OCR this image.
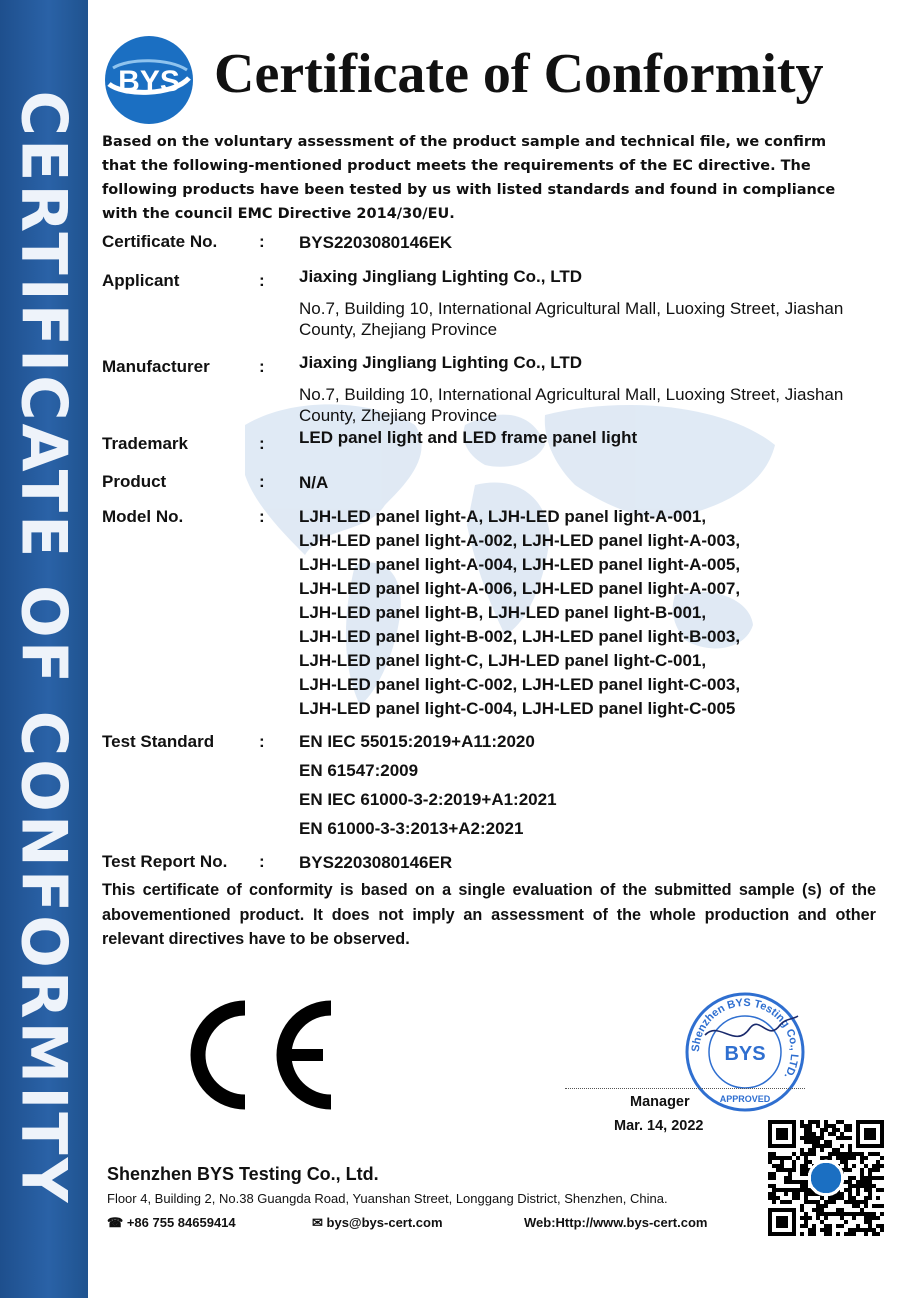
CERTIFICATE OF CONFORMITY
BYS Certificate of Conformity
Based on the voluntary assessment of the product sample and technical file, we confirm that the following-mentioned product meets the requirements of the EC directive. The following products have been tested by us with listed standards and found in compliance with the council EMC Directive 2014/30/EU.
Certificate No. : BYS2203080146EK
Applicant	: Jiaxing Jingliang Lighting Co., LTD
No.7, Building 10, International Agricultural Mall, Luoxing Street, Jiashan County, Zhejiang Province
Manufacturer	: Jiaxing Jingliang Lighting Co., LTD
No.7, Building 10, International Agricultural Mall, Luoxing Street, Jiashan County, Zhejiang Province
Trademark	: LED panel light and LED frame panel light
Product	: N/A
Model No.	: LJH-LED panel light-A, LJH-LED panel light-A-001,
LJH-LED panel light-A-002, LJH-LED panel light-A-003,
LJH-LED panel light-A-004, LJH-LED panel light-A-005,
LJH-LED panel light-A-006, LJH-LED panel light-A-007,
LJH-LED panel light-B, LJH-LED panel light-B-001,
LJH-LED panel light-B-002, LJH-LED panel light-B-003,
LJH-LED panel light-C, LJH-LED panel light-C-001,
LJH-LED panel light-C-002, LJH-LED panel light-C-003,
LJH-LED panel light-C-004, LJH-LED panel light-C-005
Test Standard	: EN IEC 55015:2019+A11:2020
EN 61547:2009
EN IEC 61000-3-2:2019+A1:2021
EN 61000-3-3:2013+A2:2021
Test Report No. : BYS2203080146ER
This certificate of conformity is based on a single evaluation of the submitted sample (s) of the abovementioned product. It does not imply an assessment of the whole production and other relevant directives have to be observed.
Shenzhen BYS Testing Co., LTD.
BYS
APPROVED
Manager
Mar. 14, 2022
Shenzhen BYS Testing Co., Ltd.
Floor 4, Building 2, No.38 Guangda Road, Yuanshan Street, Longgang District, Shenzhen, China.
☎ +86 755 84659414	✉ bys@bys-cert.com	Web:Http://www.bys-cert.com
